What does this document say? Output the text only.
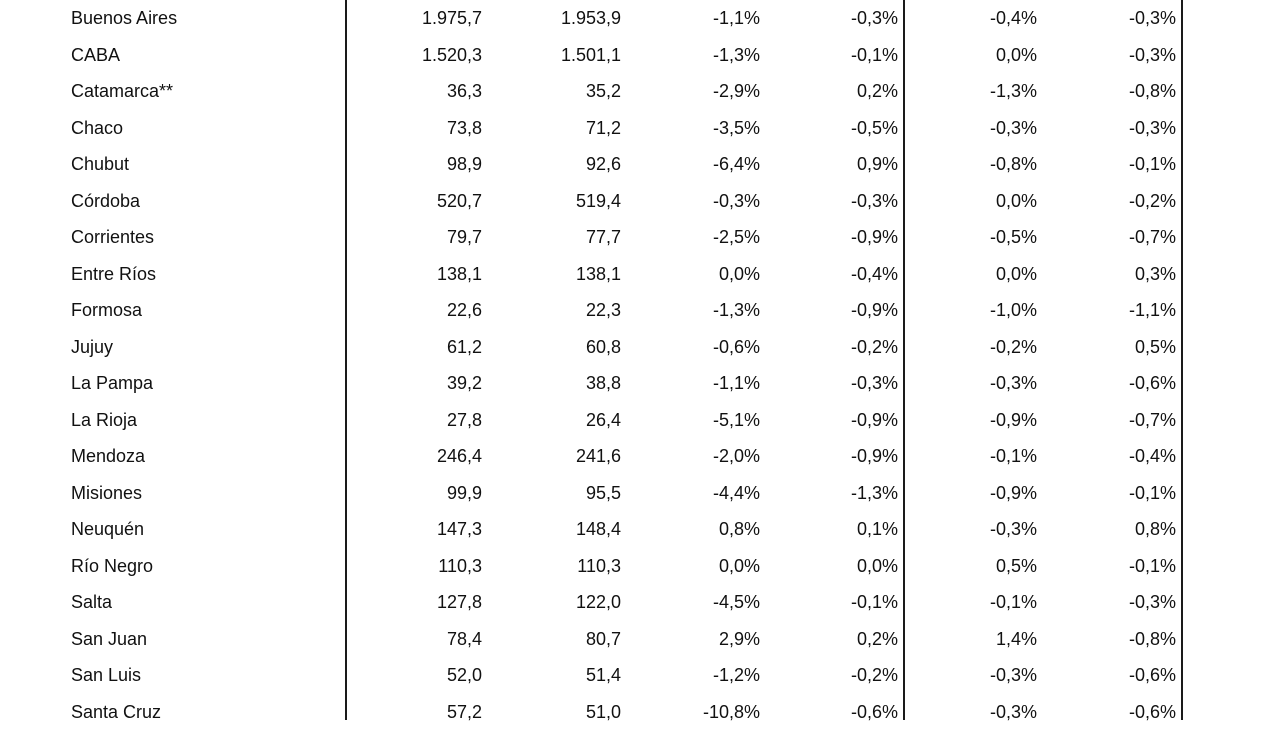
Buenos Aires	1.975,7	1.953,9	-1,1%	-0,3%	-0,4%	-0,3%
CABA	1.520,3	1.501,1	-1,3%	-0,1%	0,0%	-0,3%
Catamarca**	36,3	35,2	-2,9%	0,2%	-1,3%	-0,8%
Chaco	73,8	71,2	-3,5%	-0,5%	-0,3%	-0,3%
Chubut	98,9	92,6	-6,4%	0,9%	-0,8%	-0,1%
Córdoba	520,7	519,4	-0,3%	-0,3%	0,0%	-0,2%
Corrientes	79,7	77,7	-2,5%	-0,9%	-0,5%	-0,7%
Entre Ríos	138,1	138,1	0,0%	-0,4%	0,0%	0,3%
Formosa	22,6	22,3	-1,3%	-0,9%	-1,0%	-1,1%
Jujuy	61,2	60,8	-0,6%	-0,2%	-0,2%	0,5%
La Pampa	39,2	38,8	-1,1%	-0,3%	-0,3%	-0,6%
La Rioja	27,8	26,4	-5,1%	-0,9%	-0,9%	-0,7%
Mendoza	246,4	241,6	-2,0%	-0,9%	-0,1%	-0,4%
Misiones	99,9	95,5	-4,4%	-1,3%	-0,9%	-0,1%
Neuquén	147,3	148,4	0,8%	0,1%	-0,3%	0,8%
Río Negro	110,3	110,3	0,0%	0,0%	0,5%	-0,1%
Salta	127,8	122,0	-4,5%	-0,1%	-0,1%	-0,3%
San Juan	78,4	80,7	2,9%	0,2%	1,4%	-0,8%
San Luis	52,0	51,4	-1,2%	-0,2%	-0,3%	-0,6%
Santa Cruz	57,2	51,0	-10,8%	-0,6%	-0,3%	-0,6%
